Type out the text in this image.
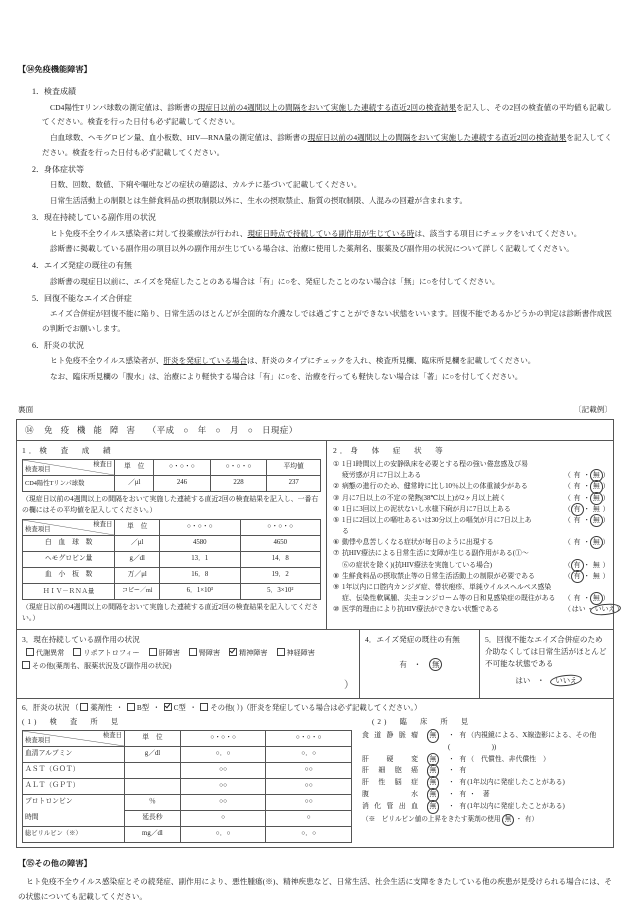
【⑭免疫機能障害】
1．検査成績
CD4陽性Tリンパ球数の測定値は、診断書の現症日以前の4週間以上の間隔をおいて実施した連続する直近2回の検査結果を記入し、その2回の検査値の平均値も記載してください。検査を行った日付も必ず記載してください。
白血球数、ヘモグロビン量、血小板数、HIV—RNA量の測定値は、診断書の現症日以前の4週間以上の間隔をおいて実施した連続する直近2回の検査結果を記入してください。検査を行った日付も必ず記載してください。
2．身体症状等
日数、回数、数値、下痢や嘔吐などの症状の確認は、カルテに基づいて記載してください。
日常生活活動上の制限とは生鮮食料品の摂取制限以外に、生水の摂取禁止、脂質の摂取制限、人混みの回避が含まれます。
3．現在持続している副作用の状況
ヒト免疫不全ウイルス感染者に対して投薬療法が行われ、現症日時点で持続している副作用が生じている時は、該当する項目にチェックをいれてください。
診断書に掲載している副作用の項目以外の副作用が生じている場合は、治療に使用した薬剤名、服薬及び副作用の状況について詳しく記載してください。
4．エイズ発症の既往の有無
診断書の現症日以前に、エイズを発症したことのある場合は「有」に○を、発症したことのない場合は「無」に○を付してください。
5．回復不能なエイズ合併症
エイズ合併症が回復不能に陥り、日常生活のほとんどが全面的な介護なしでは過ごすことができない状態をいいます。回復不能であるかどうかの判定は診断書作成医の判断でお願いします。
6．肝炎の状況
ヒト免疫不全ウイルス感染者が、肝炎を発症している場合は、肝炎のタイプにチェックを入れ、検査所見欄、臨床所見欄を記載してください。
なお、臨床所見欄の「腹水」は、治療により軽快する場合は「有」に○を、治療を行っても軽快しない場合は「著」に○を付してください。
裏面	〔記載例〕
⑭ 免 疫 機 能 障 害 （平成　○　年　○　月　○　日現症）
1．検　査　成　績
検査日
検査項目	単　位	○・○・○	○・○・○	平均値
CD4陽性Tリンパ球数	／μl	246	228	237
（現症日以前の4週間以上の間隔をおいて実施した連続する直近2回の検査結果を記入し、一番右の欄にはその平均値を記入してください。）
検査日
検査項目	単　位	○・○・○	○・○・○
白　血　球　数	／μl	4580	4650
ヘモグロビン量	g／dl	13．1	14．8
血　小　板　数	万／μl	16．8	19．2
ＨＩＶ－ＲＮＡ量	コピー／ml	6．1×10³	5．3×10²
（現症日以前の4週間以上の間隔をおいて実施した連続する直近2回の検査結果を記入してください。）
2．身　体　症　状　等
① 1日1時間以上の安静臥床を必要とする程の強い倦怠感及び易
疲労感が月に7日以上ある	（ 有 ・ 無 ）
② 病態の進行のため、健常時に比し10％以上の体重減少がある	（ 有 ・ 無 ）
③ 月に7日以上の不定の発熱(38℃以上)が2ヶ月以上続く	（ 有 ・ 無 ）
④ 1日に3回以上の泥状ないし水様下痢が月に7日以上ある	（ 有 ・ 無 ）
⑤ 1日に2回以上の嘔吐あるいは30分以上の嘔気が月に7日以上あ	（ 有 ・ 無 ）
る
⑥ 動悸や息苦しくなる症状が毎日のように出現する	（ 有 ・ 無 ）
⑦ 抗HIV療法による日常生活に支障が生じる副作用がある(①～
⑥の症状を除く)(抗HIV療法を実施している場合)	（ 有 ・ 無 ）
⑧ 生鮮食料品の摂取禁止等の日常生活活動上の制限が必要である	（ 有 ・ 無 ）
⑨ 1年以内に口腔内カンジダ症、帯状疱疹、単純ウイルスヘルペス感染
症、伝染性軟属腫、尖圭コンジローム等の日和見感染症の既往がある	（ 有 ・ 無 ）
⑩ 医学的理由により抗HIV療法ができない状態である	（はい・いいえ）
3．現在持続している副作用の状況
代謝異常	リポアトロフィー	肝障害	腎障害	精神障害	神経障害
その他(薬剤名、服薬状況及び副作用の状況)
）
4．エイズ発症の既往の有無
有 ・ 無
5．回復不能なエイズ合併症のため介助なくしては日常生活がほとんど不可能な状態である
はい ・ いいえ
6．肝炎の状況 （ 薬剤性  ・  B型  ・  C型  ・  その他( ）)（肝炎を発症している場合は必ず記載してください。）
(1)　検　査　所　見
検査日
検査項目	単　位	○・○・○	○・○・○
血清アルブミン	g／dl	○．○	○．○
ＡＳＴ（ＧＯＴ）		○○	○○
ＡＬＴ（ＧＰＴ）		○○	○○
プロトロンビン	％	○○	○○
時間	延長秒	○	○
総ビリルビン（※）	mg／dl	○．○	○．○
(2)　臨　床　所　見
食道静脈瘤	無	・  有（内視鏡による、X線造影による、その他(　　　　　　))
肝　硬　変	無	・  有（　代償性、非代償性　）
肝細胞癌	無	・  有
肝性脳症	無	・  有(1年以内に発症したことがある)
腹　　水	無	・  有 ・　著
消化管出血	無	・  有(1年以内に発症したことがある)
（※　ビリルビン値の上昇をきたす薬剤の使用 無  ・ 有）
【⑮その他の障害】

ヒト免疫不全ウイルス感染症とその続発症、副作用により、悪性腫瘍(※)、精神疾患など、日常生活、社会生活に支障をきたしている他の疾患が見受けられる場合には、その状態についても記載してください。
